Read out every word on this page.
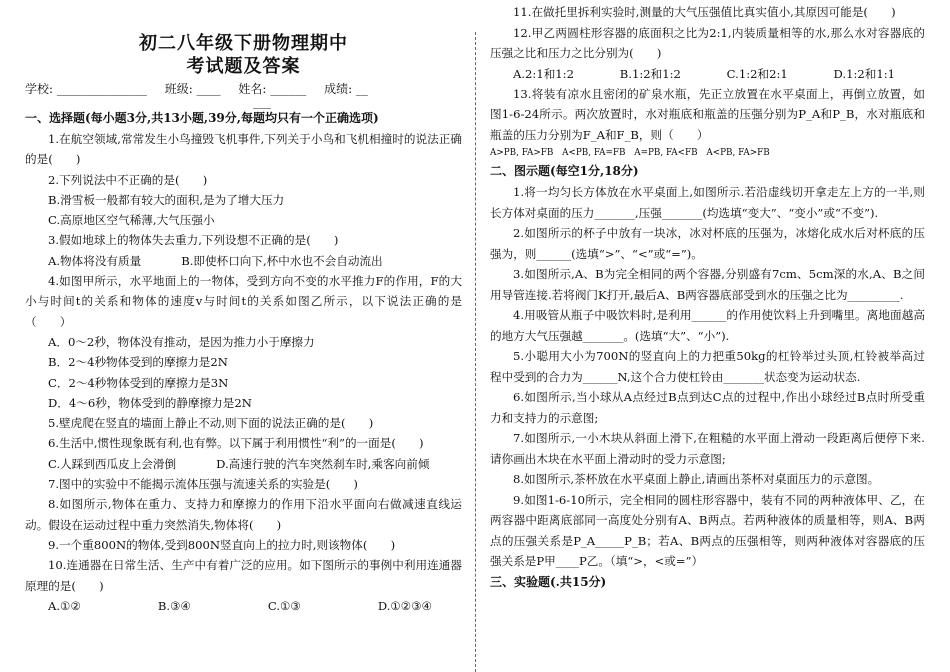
初二八年级下册物理期中
考试题及答案
学校: _______________ 班级: ____ 姓名: ______ 成绩: __
___
一、选择题(每小题3分,共13小题,39分,每题均只有一个正确选项)
1.在航空领域,常常发生小鸟撞毁飞机事件,下列关于小鸟和飞机相撞时的说法正确的是(　　)
2.下列说法中不正确的是(　　)
B.滑雪板一般都有较大的面积,是为了增大压力
C.高原地区空气稀薄,大气压强小
3.假如地球上的物体失去重力,下列设想不正确的是(　　)
A.物体将没有质量	B.即使杯口向下,杯中水也不会自动流出
4.如图甲所示，水平地面上的一物体，受到方向不变的水平推力F的作用，F的大小与时间t的关系和物体的速度v与时间t的关系如图乙所示，以下说法正确的是（　　）
A．0～2秒，物体没有推动，是因为推力小于摩擦力
B．2～4秒物体受到的摩擦力是2N
C．2～4秒物体受到的摩擦力是3N
D．4～6秒，物体受到的静摩擦力是2N
5.壁虎爬在竖直的墙面上静止不动,则下面的说法正确的是(　　)
6.生活中,惯性现象既有利,也有弊。以下属于利用惯性“利”的一面是(　　)
C.人踩到西瓜皮上会滑倒	D.高速行驶的汽车突然刹车时,乘客向前倾
7.图中的实验中不能揭示流体压强与流速关系的实验是(　　)
8.如图所示,物体在重力、支持力和摩擦力的作用下沿水平面向右做减速直线运动。假设在运动过程中重力突然消失,物体将(　　)
9.一个重800N的物体,受到800N竖直向上的拉力时,则该物体(　　)
10.连通器在日常生活、生产中有着广泛的应用。如下图所示的事例中利用连通器原理的是(　　)
A.①②	B.③④	C.①③	D.①②③④
11.在做托里拆利实验时,测量的大气压强值比真实值小,其原因可能是(　　)
12.甲乙两圆柱形容器的底面积之比为2:1,内装质量相等的水,那么水对容器底的压强之比和压力之比分别为(　　)
A.2:1和1:2	B.1:2和1:2	C.1:2和2:1	D.1:2和1:1
13.将装有凉水且密闭的矿泉水瓶，先正立放置在水平桌面上，再倒立放置，如图1-6-24所示。两次放置时，水对瓶底和瓶盖的压强分别为P_A和P_B，水对瓶底和瓶盖的压力分别为F_A和F_B，则（　　）
A>PB, FA>FB　A<PB, FA=FB　A=PB, FA<FB　A<PB, FA>FB
二、图示题(每空1分,18分)
1.将一均匀长方体放在水平桌面上,如图所示.若沿虚线切开拿走左上方的一半,则长方体对桌面的压力_______,压强_______(均选填“变大”、“变小”或“不变”).
2.如图所示的杯子中放有一块冰，冰对杯底的压强为，冰熔化成水后对杯底的压强为，则______(选填“>”、“<”或“=”)。
3.如图所示,A、B为完全相同的两个容器,分别盛有7cm、5cm深的水,A、B之间用导管连接.若将阀门K打开,最后A、B两容器底部受到水的压强之比为_________.
4.用吸管从瓶子中吸饮料时,是利用______的作用使饮料上升到嘴里。离地面越高的地方大气压强越_______。(选填“大”、“小”).
5.小聪用大小为700N的竖直向上的力把重50kg的杠铃举过头顶,杠铃被举高过程中受到的合力为______N,这个合力使杠铃由_______状态变为运动状态.
6.如图所示,当小球从A点经过B点到达C点的过程中,作出小球经过B点时所受重力和支持力的示意图;
7.如图所示,一小木块从斜面上滑下,在粗糙的水平面上滑动一段距离后便停下来.请你画出木块在水平面上滑动时的受力示意图;
8.如图所示,茶杯放在水平桌面上静止,请画出茶杯对桌面压力的示意图。
9.如图1-6-10所示，完全相同的圆柱形容器中，装有不同的两种液体甲、乙，在两容器中距离底部同一高度处分别有A、B两点。若两种液体的质量相等，则A、B两点的压强关系是P_A_____P_B；若A、B两点的压强相等，则两种液体对容器底的压强关系是P甲____P乙。（填“>，<或=”）
三、实验题(.共15分)
